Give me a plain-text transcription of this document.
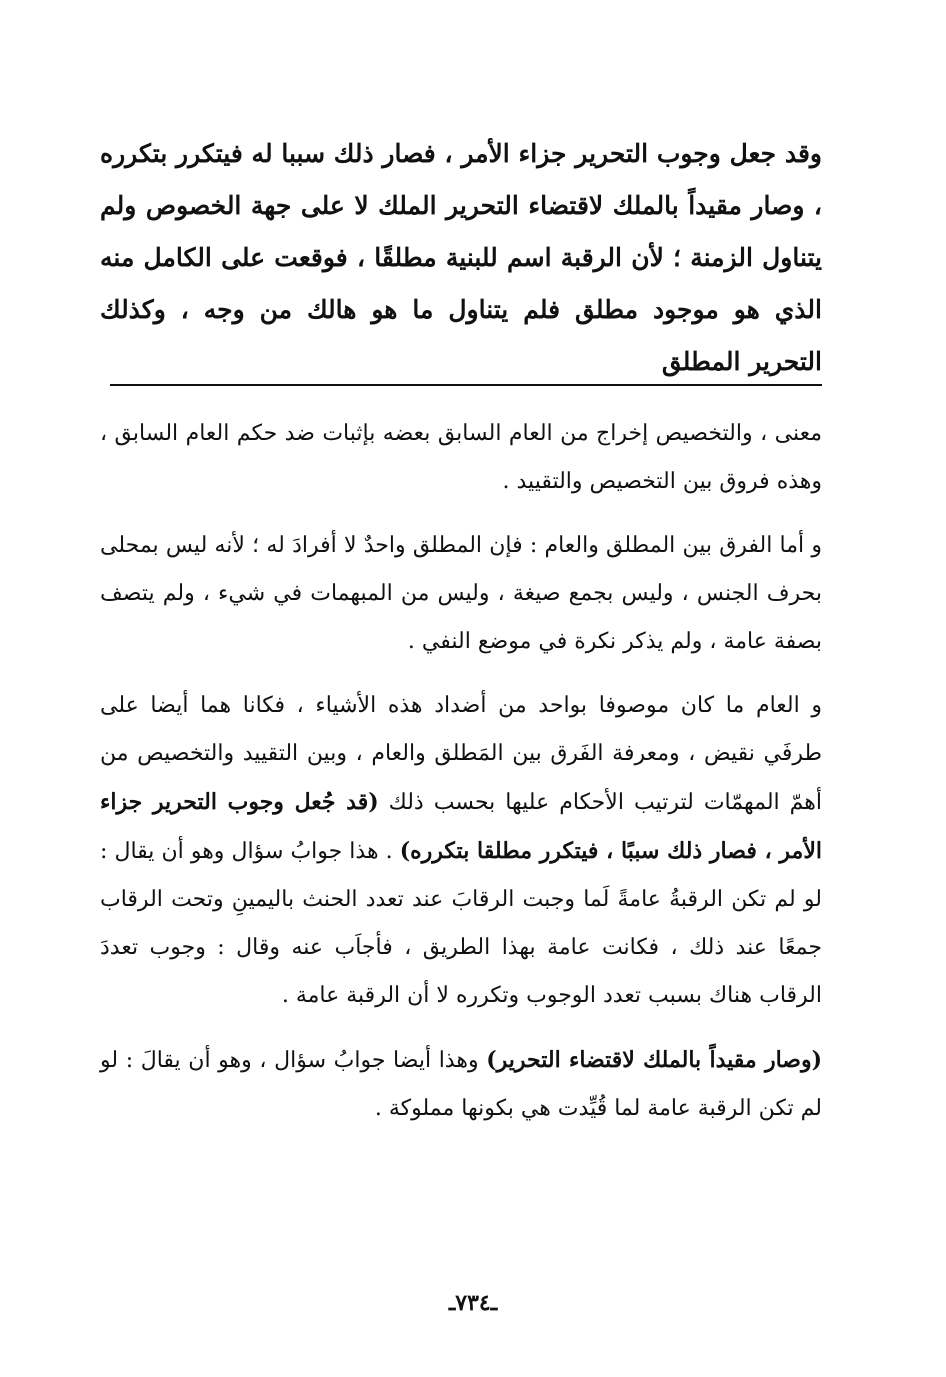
وقد جعل وجوب التحرير جزاء الأمر ، فصار ذلك سببا له فيتكرر بتكرره ، وصار مقيداً بالملك لاقتضاء التحرير الملك لا على جهة الخصوص ولم يتناول الزمنة ؛ لأن الرقبة اسم للبنية مطلقًا ، فوقعت على الكامل منه الذي هو موجود مطلق فلم يتناول ما هو هالك من وجه ، وكذلك التحرير المطلق

معنى ، والتخصيص إخراج من العام السابق بعضه بإثبات ضد حكم العام السابق ، وهذه فروق بين التخصيص والتقييد .

و أما الفرق بين المطلق والعام : فإن المطلق واحدٌ لا أفرادَ له ؛ لأنه ليس بمحلى بحرف الجنس ، وليس بجمع صيغة ، وليس من المبهمات في شيء ، ولم يتصف بصفة عامة ، ولم يذكر نكرة في موضع النفي .

و العام ما كان موصوفا بواحد من أضداد هذه الأشياء ، فكانا هما أيضا على طرفَي نقيض ، ومعرفة الفَرق بين المَطلق والعام ، وبين التقييد والتخصيص من أهمّ المهمّات لترتيب الأحكام عليها بحسب ذلك (قد جُعل وجوب التحرير جزاء الأمر ، فصار ذلك سببًا ، فيتكرر مطلقا بتكرره) . هذا جوابُ سؤال وهو أن يقال : لو لم تكن الرقبةُ عامةً لَما وجبت الرقابَ عند تعدد الحنث باليمينِ وتحت الرقاب جمعًا عند ذلك ، فكانت عامة بهذا الطريق ، فأجاَب عنه وقال : وجوب تعددَ الرقاب هناك بسبب تعدد الوجوب وتكرره لا أن الرقبة عامة .

(وصار مقيداً بالملك لاقتضاء التحرير) وهذا أيضا جوابُ سؤال ، وهو أن يقالَ : لو لم تكن الرقبة عامة لما قُيِّدت هي بكونها مملوكة .

ـ٧٣٤ـ
